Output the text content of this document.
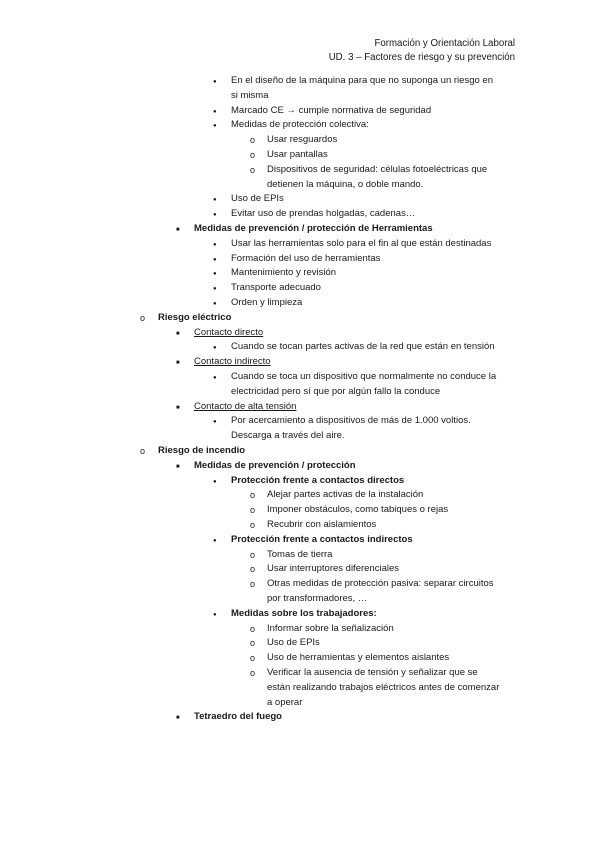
Formación y Orientación Laboral
UD. 3 – Factores de riesgo y su prevención
●
En el diseño de la máquina para que no suponga un riesgo en
si misma
●
Marcado CE → cumple normativa de seguridad
●
Medidas de protección colectiva:
o
Usar resguardos
o
Usar pantallas
o
Dispositivos de seguridad: células fotoeléctricas que
detienen la máquina, o doble mando.
●
Uso de EPIs
●
Evitar uso de prendas holgadas, cadenas…
■
Medidas de prevención / protección de Herramientas
●
Usar las herramientas solo para el fin al que están destinadas
●
Formación del uso de herramientas
●
Mantenimiento y revisión
●
Transporte adecuado
●
Orden y limpieza
o
Riesgo eléctrico
■
Contacto directo
●
Cuando se tocan partes activas de la red que están en tensión
■
Contacto indirecto
●
Cuando se toca un dispositivo que normalmente no conduce la
electricidad pero sí que por algún fallo la conduce
■
Contacto de alta tensión
●
Por acercamiento a dispositivos de más de 1.000 voltios.
Descarga a través del aire.
o
Riesgo de incendio
■
Medidas de prevención / protección
●
Protección frente a contactos directos
o
Alejar partes activas de la instalación
o
Imponer obstáculos, como tabiques o rejas
o
Recubrir con aislamientos
●
Protección frente a contactos indirectos
o
Tomas de tierra
o
Usar interruptores diferenciales
o
Otras medidas de protección pasiva: separar circuitos
por transformadores, …
●
Medidas sobre los trabajadores:
o
Informar sobre la señalización
o
Uso de EPIs
o
Uso de herramientas y elementos aislantes
o
Verificar la ausencia de tensión y señalizar que se
están realizando trabajos eléctricos antes de comenzar
a operar
■
Tetraedro del fuego
